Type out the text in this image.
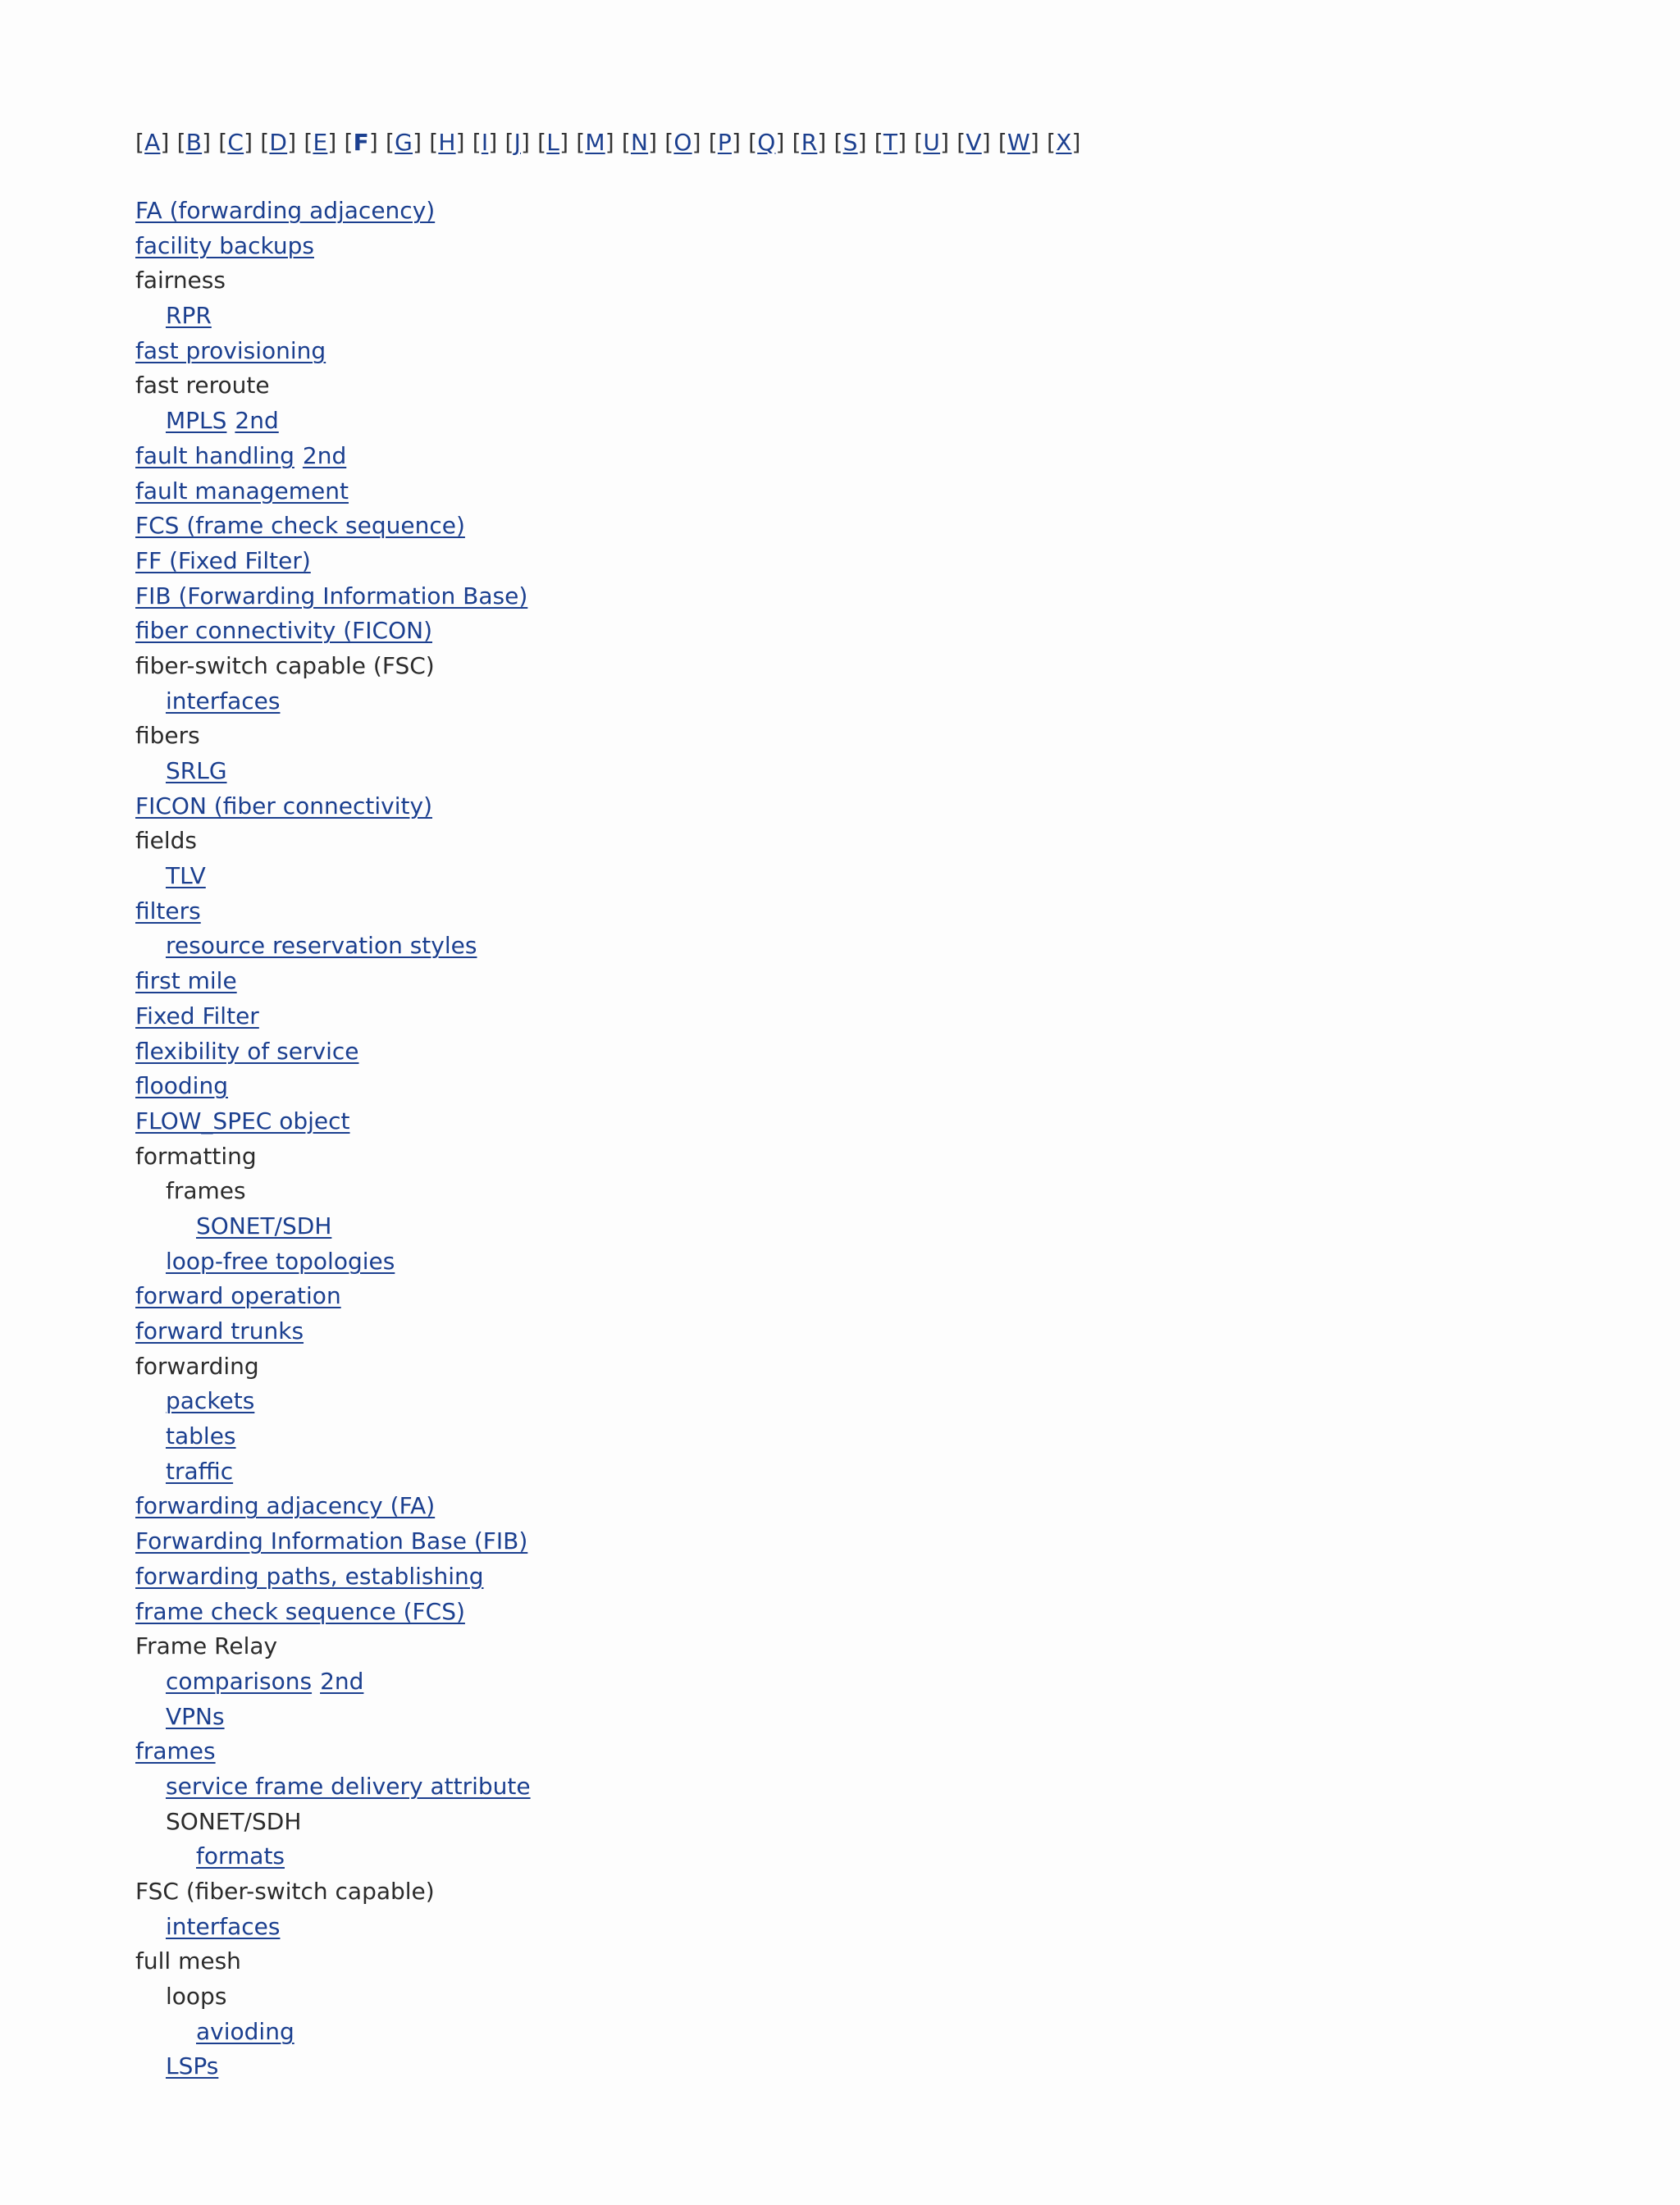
[A] [B] [C] [D] [E] [F] [G] [H] [I] [J] [L] [M] [N] [O] [P] [Q] [R] [S] [T] [U] [V] [W] [X]
FA (forwarding adjacency)
facility backups
fairness
RPR
fast provisioning
fast reroute
MPLS 2nd
fault handling 2nd
fault management
FCS (frame check sequence)
FF (Fixed Filter)
FIB (Forwarding Information Base)
fiber connectivity (FICON)
fiber-switch capable (FSC)
interfaces
fibers
SRLG
FICON (fiber connectivity)
fields
TLV
filters
resource reservation styles
first mile
Fixed Filter
flexibility of service
flooding
FLOW_SPEC object
formatting
frames
SONET/SDH
loop-free topologies
forward operation
forward trunks
forwarding
packets
tables
traffic
forwarding adjacency (FA)
Forwarding Information Base (FIB)
forwarding paths, establishing
frame check sequence (FCS)
Frame Relay
comparisons 2nd
VPNs
frames
service frame delivery attribute
SONET/SDH
formats
FSC (fiber-switch capable)
interfaces
full mesh
loops
avioding
LSPs
